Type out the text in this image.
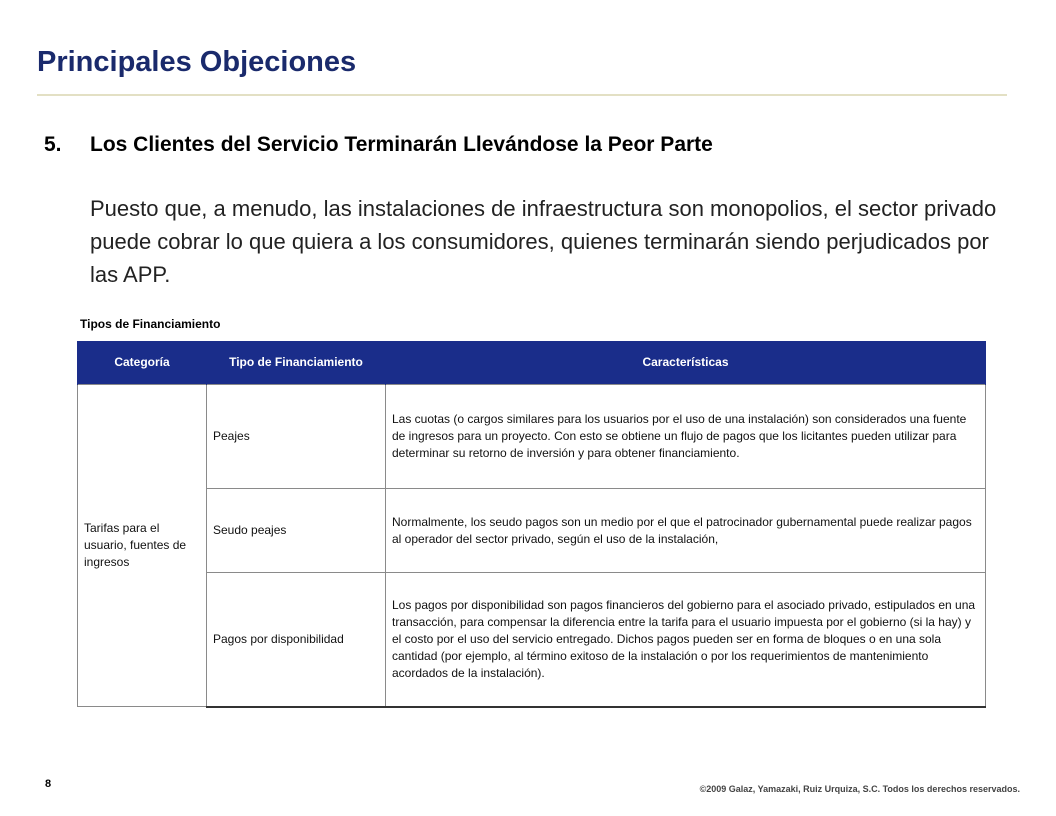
Principales Objeciones
5.	Los Clientes del Servicio Terminarán Llevándose la Peor Parte

Puesto que, a menudo, las instalaciones de infraestructura son monopolios, el sector privado puede cobrar lo que quiera a los consumidores, quienes terminarán siendo perjudicados por las APP.

Tipos de Financiamiento
Categoría	Tipo de Financiamiento	Características
Tarifas para el usuario, fuentes de ingresos	Peajes	Las cuotas (o cargos similares para los usuarios por el uso de una instalación) son considerados una fuente de ingresos para un proyecto. Con esto se obtiene un flujo de pagos que los licitantes pueden utilizar para determinar su retorno de inversión y para obtener financiamiento.
	Seudo peajes	Normalmente, los seudo pagos son un medio por el que el patrocinador gubernamental puede realizar pagos al operador del sector privado, según el uso de la instalación,
	Pagos por disponibilidad	Los pagos por disponibilidad son pagos financieros del gobierno para el asociado privado, estipulados en una transacción, para compensar la diferencia entre la tarifa para el usuario impuesta por el gobierno (si la hay) y el costo por el uso del servicio entregado. Dichos pagos pueden ser en forma de bloques o en una sola cantidad (por ejemplo, al término exitoso de la instalación o por los requerimientos de mantenimiento acordados de la instalación).
8	©2009 Galaz, Yamazaki, Ruiz Urquiza, S.C. Todos los derechos reservados.
